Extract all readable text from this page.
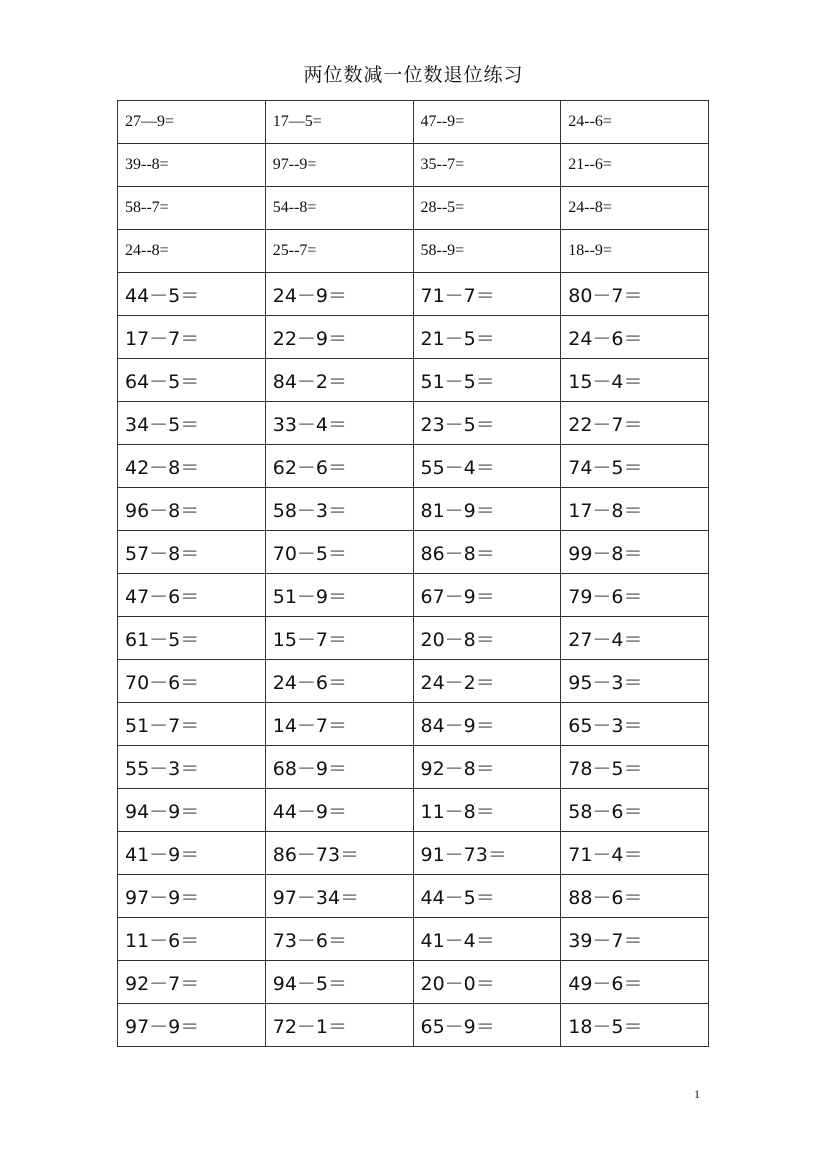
两位数减一位数退位练习
27—9=	17—5=	47--9=	24--6=
39--8=	97--9=	35--7=	21--6=
58--7=	54--8=	28--5=	24--8=
24--8=	25--7=	58--9=	18--9=
44－5＝	24－9＝	71－7＝	80－7＝
17－7＝	22－9＝	21－5＝	24－6＝
64－5＝	84－2＝	51－5＝	15－4＝
34－5＝	33－4＝	23－5＝	22－7＝
42－8＝	62－6＝	55－4＝	74－5＝
96－8＝	58－3＝	81－9＝	17－8＝
57－8＝	70－5＝	86－8＝	99－8＝
47－6＝	51－9＝	67－9＝	79－6＝
61－5＝	15－7＝	20－8＝	27－4＝
70－6＝	24－6＝	24－2＝	95－3＝
51－7＝	14－7＝	84－9＝	65－3＝
55－3＝	68－9＝	92－8＝	78－5＝
94－9＝	44－9＝	11－8＝	58－6＝
41－9＝	86－73＝	91－73＝	71－4＝
97－9＝	97－34＝	44－5＝	88－6＝
11－6＝	73－6＝	41－4＝	39－7＝
92－7＝	94－5＝	20－0＝	49－6＝
97－9＝	72－1＝	65－9＝	18－5＝
1
